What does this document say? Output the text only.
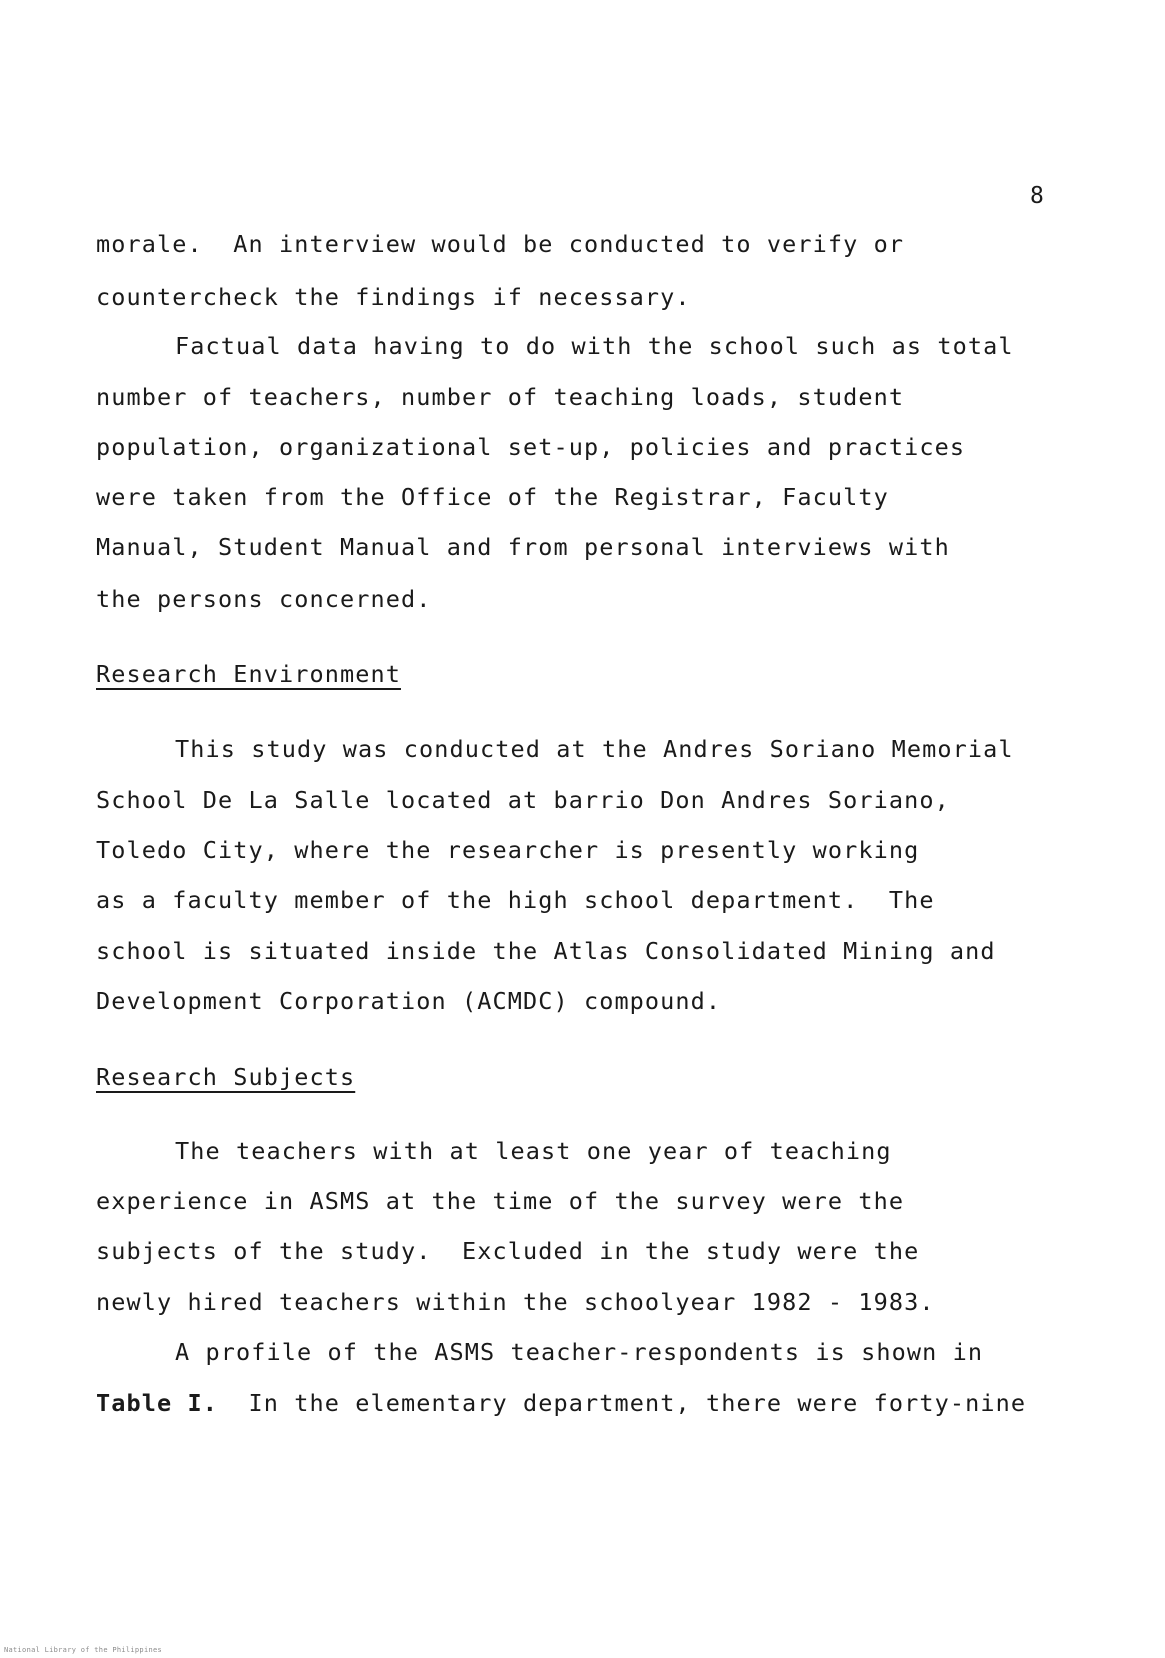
8
morale.  An interview would be conducted to verify or
countercheck the findings if necessary.
Factual data having to do with the school such as total
number of teachers, number of teaching loads, student
population, organizational set-up, policies and practices
were taken from the Office of the Registrar, Faculty
Manual, Student Manual and from personal interviews with
the persons concerned.
Research Environment
This study was conducted at the Andres Soriano Memorial
School De La Salle located at barrio Don Andres Soriano,
Toledo City, where the researcher is presently working
as a faculty member of the high school department.  The
school is situated inside the Atlas Consolidated Mining and
Development Corporation (ACMDC) compound.
Research Subjects
The teachers with at least one year of teaching
experience in ASMS at the time of the survey were the
subjects of the study.  Excluded in the study were the
newly hired teachers within the schoolyear 1982 - 1983.
A profile of the ASMS teacher-respondents is shown in
Table I.  In the elementary department, there were forty-nine
National Library of the Philippines
